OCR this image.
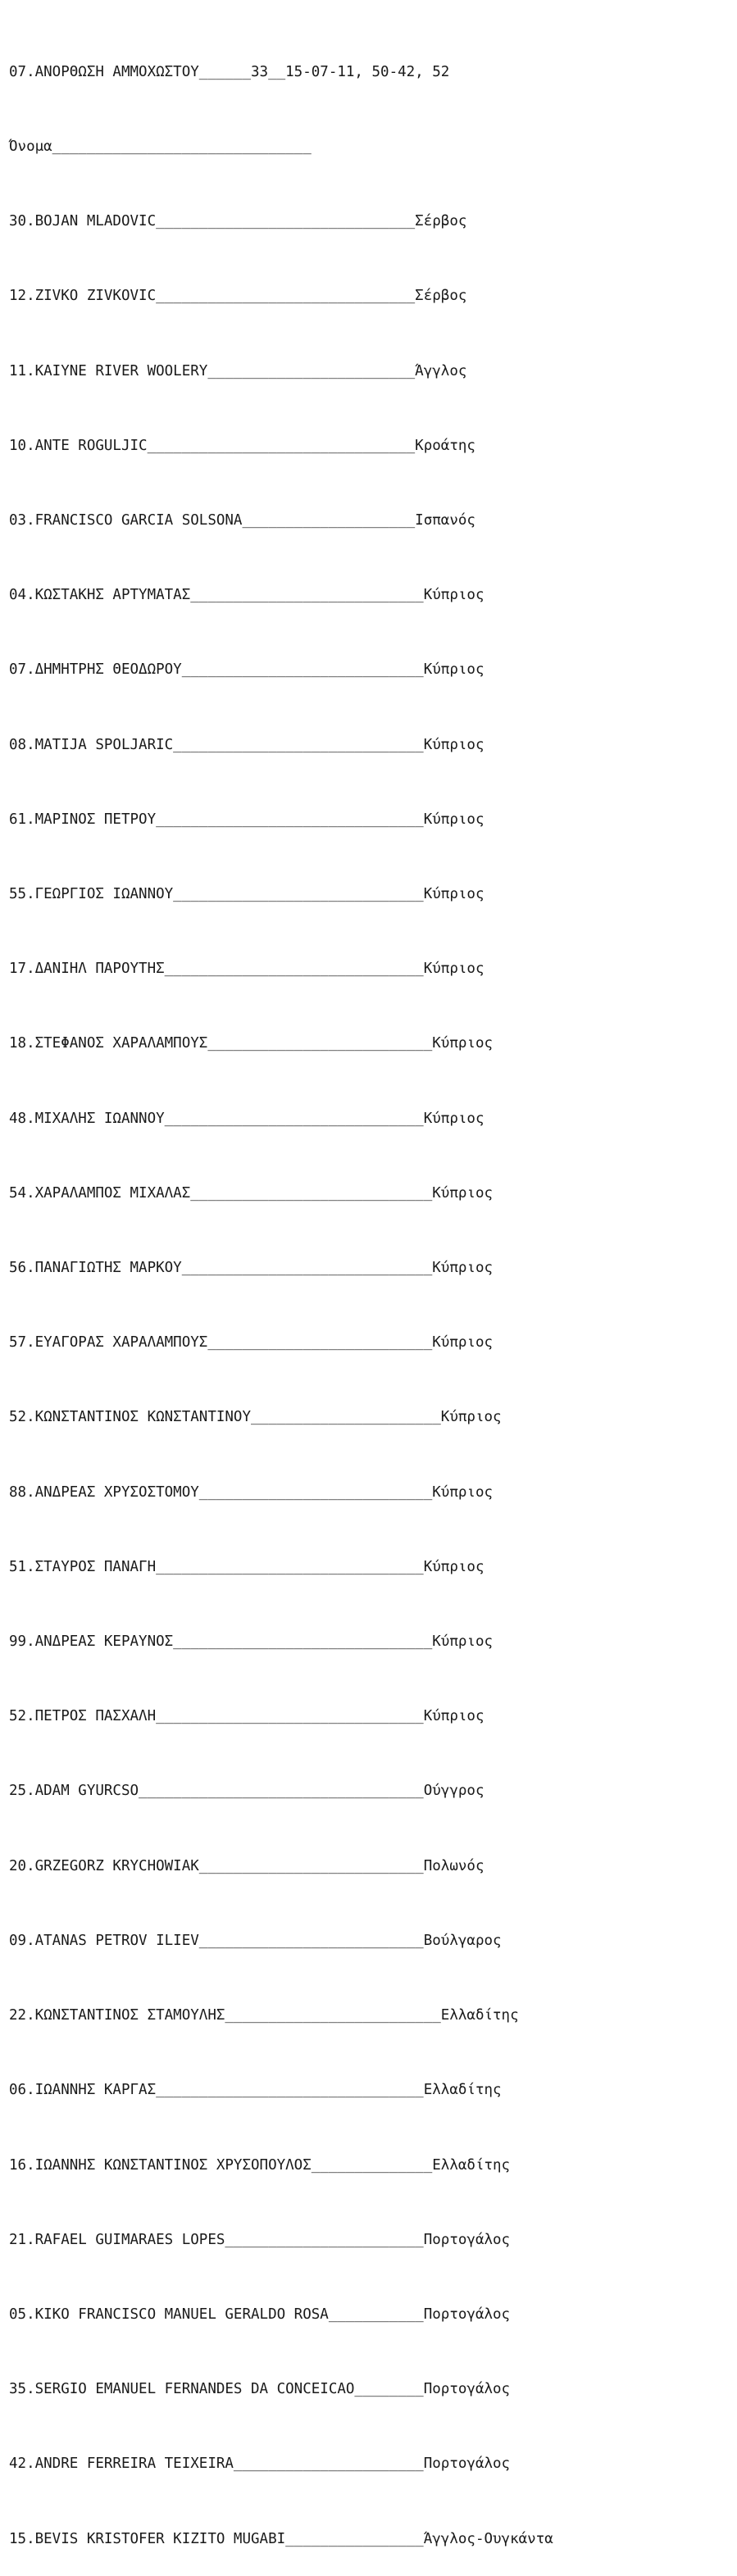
07.ΑΝΟΡΘΩΣΗ ΑΜΜΟΧΩΣΤΟΥ______33__15-07-11, 50-42, 52

Όνομα______________________________

30.BOJAN MLADOVIC______________________________Σέρβος

12.ZIVKO ZIVKOVIC______________________________Σέρβος

11.KAIYNE RIVER WOOLERY________________________Άγγλος

10.ANTE ROGULJIC_______________________________Κροάτης

03.FRANCISCO GARCIA SOLSONA____________________Ισπανός

04.ΚΩΣΤΑΚΗΣ ΑΡΤΥΜΑΤΑΣ___________________________Κύπριος

07.ΔΗΜΗΤΡΗΣ ΘΕΟΔΩΡΟΥ____________________________Κύπριος

08.MATIJA SPOLJARIC_____________________________Κύπριος

61.ΜΑΡΙΝΟΣ ΠΕΤΡΟΥ_______________________________Κύπριος

55.ΓΕΩΡΓΙΟΣ ΙΩΑΝΝΟΥ_____________________________Κύπριος

17.ΔΑΝΙΗΛ ΠΑΡΟΥΤΗΣ______________________________Κύπριος

18.ΣΤΕΦΑΝΟΣ ΧΑΡΑΛΑΜΠΟΥΣ__________________________Κύπριος

48.ΜΙΧΑΛΗΣ ΙΩΑΝΝΟΥ______________________________Κύπριος

54.ΧΑΡΑΛΑΜΠΟΣ ΜΙΧΑΛΑΣ____________________________Κύπριος

56.ΠΑΝΑΓΙΩΤΗΣ ΜΑΡΚΟΥ_____________________________Κύπριος

57.ΕΥΑΓΟΡΑΣ ΧΑΡΑΛΑΜΠΟΥΣ__________________________Κύπριος

52.ΚΩΝΣΤΑΝΤΙΝΟΣ ΚΩΝΣΤΑΝΤΙΝΟΥ______________________Κύπριος

88.ΑΝΔΡΕΑΣ ΧΡΥΣΟΣΤΟΜΟΥ___________________________Κύπριος

51.ΣΤΑΥΡΟΣ ΠΑΝΑΓΗ_______________________________Κύπριος

99.ΑΝΔΡΕΑΣ ΚΕΡΑΥΝΟΣ______________________________Κύπριος

52.ΠΕΤΡΟΣ ΠΑΣΧΑΛΗ_______________________________Κύπριος

25.ADAM GYURCSO_________________________________Ούγγρος

20.GRZEGORZ KRYCHOWIAK__________________________Πολωνός

09.ATANAS PETROV ILIEV__________________________Βούλγαρος

22.ΚΩΝΣΤΑΝΤΙΝΟΣ ΣΤΑΜΟΥΛΗΣ_________________________Ελλαδίτης

06.ΙΩΑΝΝΗΣ ΚΑΡΓΑΣ_______________________________Ελλαδίτης

16.ΙΩΑΝΝΗΣ ΚΩΝΣΤΑΝΤΙΝΟΣ ΧΡΥΣΟΠΟΥΛΟΣ______________Ελλαδίτης

21.RAFAEL GUIMARAES LOPES_______________________Πορτογάλος

05.KIKO FRANCISCO MANUEL GERALDO ROSA___________Πορτογάλος

35.SERGIO EMANUEL FERNANDES DA CONCEICAO________Πορτογάλος

42.ANDRE FERREIRA TEIXEIRA______________________Πορτογάλος

15.BEVIS KRISTOFER KIZITO MUGABI________________Άγγλος-Ουγκάντα
